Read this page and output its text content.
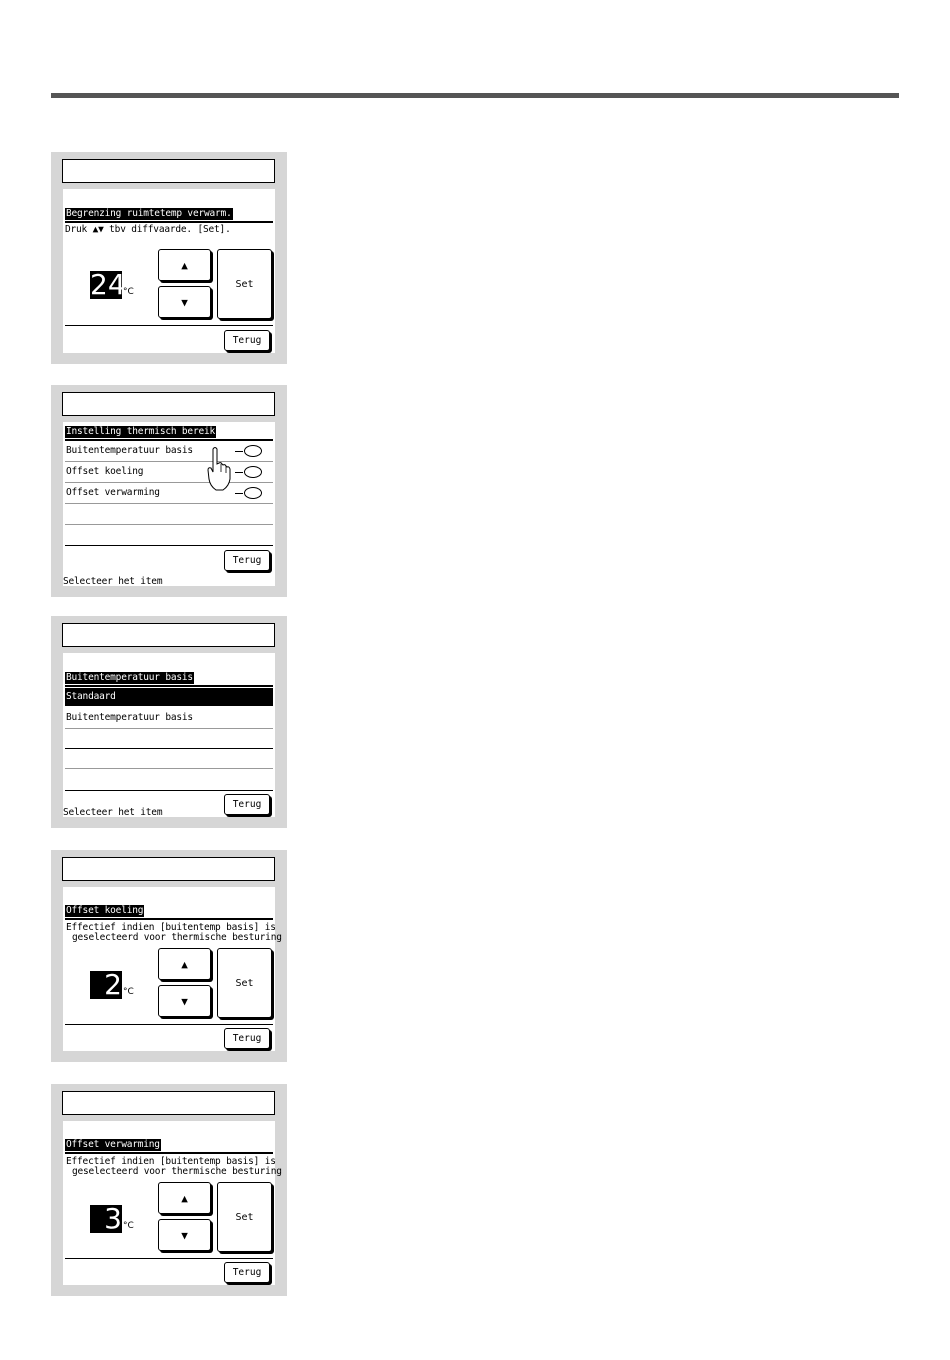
Begrenzing ruimtetemp verwarm.
Druk ▲▼ tbv diffvaarde. [Set].
24
°C
▲
▼
Set
Terug
Instelling thermisch bereik
Buitentemperatuur basis
Offset koeling
Offset verwarming
Terug
Selecteer het item
Buitentemperatuur basis
Standaard
Buitentemperatuur basis
Terug
Selecteer het item
Offset koeling
Effectief indien [buitentemp basis] is
geselecteerd voor thermische besturing
2 °C
▲
▼
Set
Terug
Offset verwarming
Effectief indien [buitentemp basis] is
geselecteerd voor thermische besturing
3 °C
▲
▼
Set
Terug
